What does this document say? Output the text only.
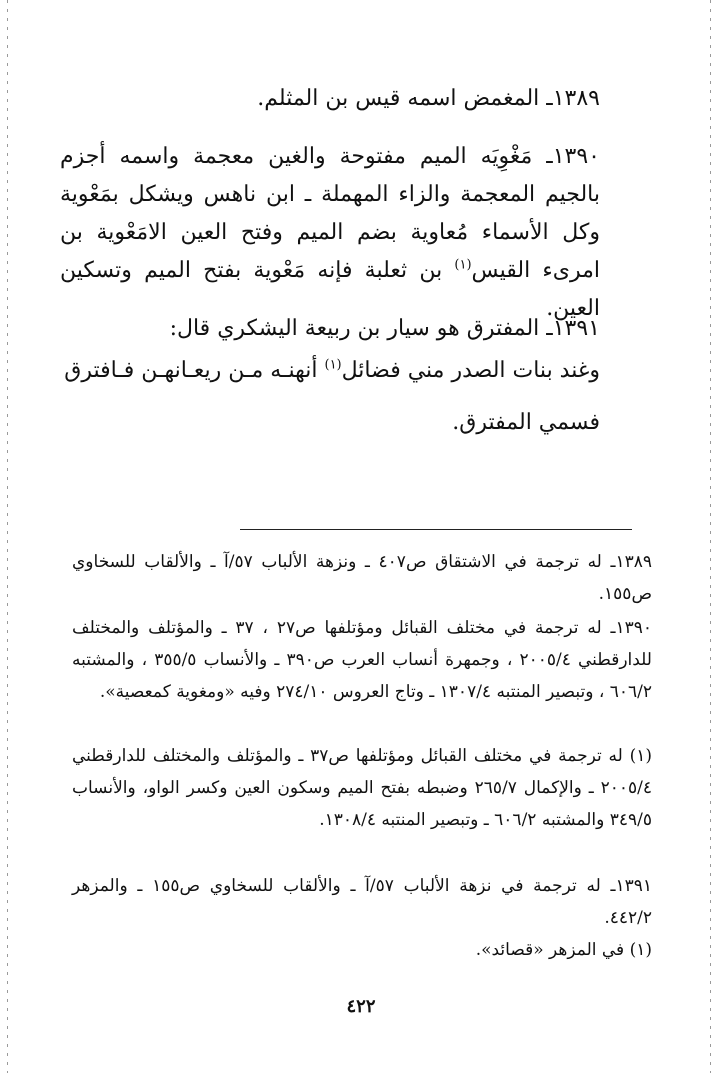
١٣٨٩ـ المغمض اسمه قيس بن المثلم.

١٣٩٠ـ مَغْوِيَه الميم مفتوحة والغين معجمة واسمه أجزم بالجيم المعجمة والزاء المهملة ـ ابن ناهس ويشكل بمَعْوية وكل الأسماء مُعاوية بضم الميم وفتح العين الامَعْوية بن امرىء القيس$^{(١)}$ بن ثعلبة فإنه مَعْوية بفتح الميم وتسكين العين.

١٣٩١ـ المفترق هو سيار بن ربيعة اليشكري قال:

وغند بنات الصدر مني فضائل$^{(١)}$ أنهنـه مـن ريعـانهـن فـافترق

فسمي المفترق.

١٣٨٩ـ له ترجمة في الاشتقاق ص٤٠٧ ـ ونزهة الألباب ٥٧/آ ـ والألقاب للسخاوي ص١٥٥.

١٣٩٠ـ له ترجمة في مختلف القبائل ومؤتلفها ص٢٧ ، ٣٧ ـ والمؤتلف والمختلف للدارقطني ٢٠٠٥/٤ ، وجمهرة أنساب العرب ص٣٩٠ ـ والأنساب ٣٥٥/٥ ، والمشتبه ٦٠٦/٢ ، وتبصير المنتبه ١٣٠٧/٤ ـ وتاج العروس ٢٧٤/١٠ وفيه «ومغوية كمعصية».

(١) له ترجمة في مختلف القبائل ومؤتلفها ص٣٧ ـ والمؤتلف والمختلف للدارقطني ٢٠٠٥/٤ ـ والإكمال ٢٦٥/٧ وضبطه بفتح الميم وسكون العين وكسر الواو، والأنساب ٣٤٩/٥ والمشتبه ٦٠٦/٢ ـ وتبصير المنتبه ١٣٠٨/٤.

١٣٩١ـ له ترجمة في نزهة الألباب ٥٧/آ ـ والألقاب للسخاوي ص١٥٥ ـ والمزهر ٤٤٢/٢.

(١) في المزهر «قصائد».

٤٢٢
